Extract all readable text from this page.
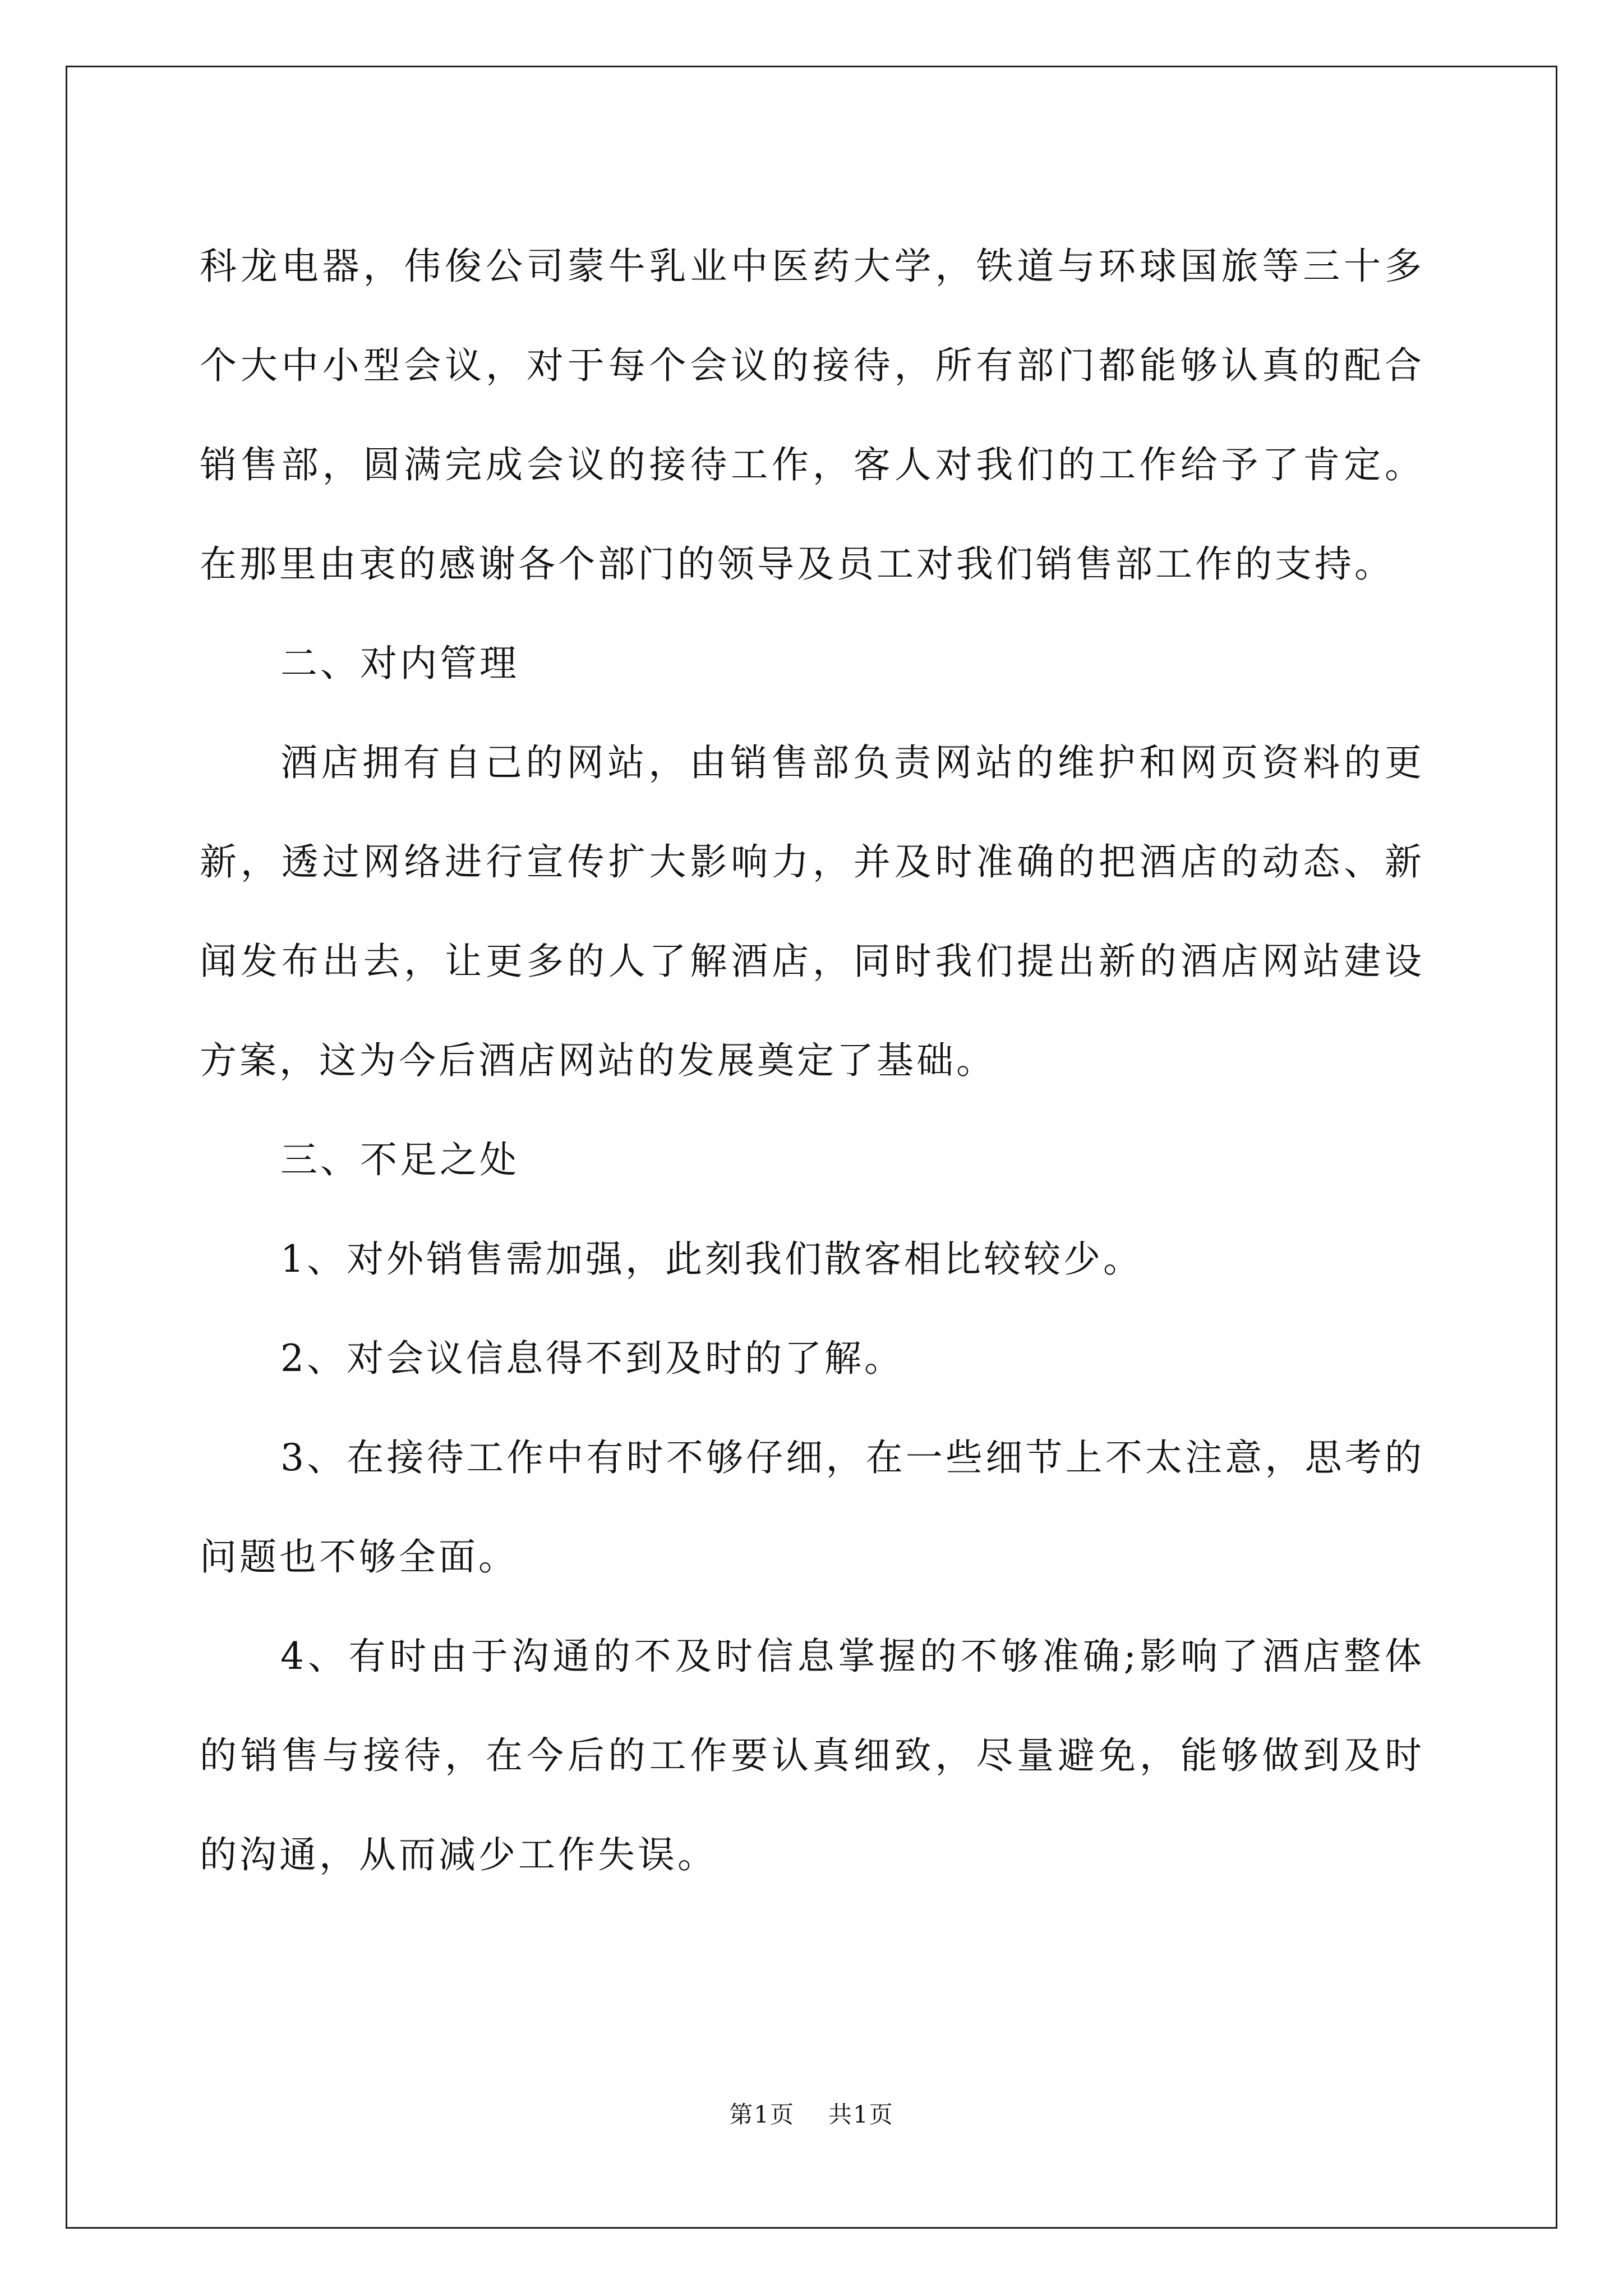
科龙电器，伟俊公司蒙牛乳业中医药大学，铁道与环球国旅等三十多个大中小型会议，对于每个会议的接待，所有部门都能够认真的配合销售部，圆满完成会议的接待工作，客人对我们的工作给予了肯定。在那里由衷的感谢各个部门的领导及员工对我们销售部工作的支持。

二、对内管理

酒店拥有自己的网站，由销售部负责网站的维护和网页资料的更新，透过网络进行宣传扩大影响力，并及时准确的把酒店的动态、新闻发布出去，让更多的人了解酒店，同时我们提出新的酒店网站建设方案，这为今后酒店网站的发展奠定了基础。

三、不足之处

1、对外销售需加强，此刻我们散客相比较较少。

2、对会议信息得不到及时的了解。

3、在接待工作中有时不够仔细，在一些细节上不太注意，思考的问题也不够全面。

4、有时由于沟通的不及时信息掌握的不够准确;影响了酒店整体的销售与接待，在今后的工作要认真细致，尽量避免，能够做到及时的沟通，从而减少工作失误。

第1页 共1页
